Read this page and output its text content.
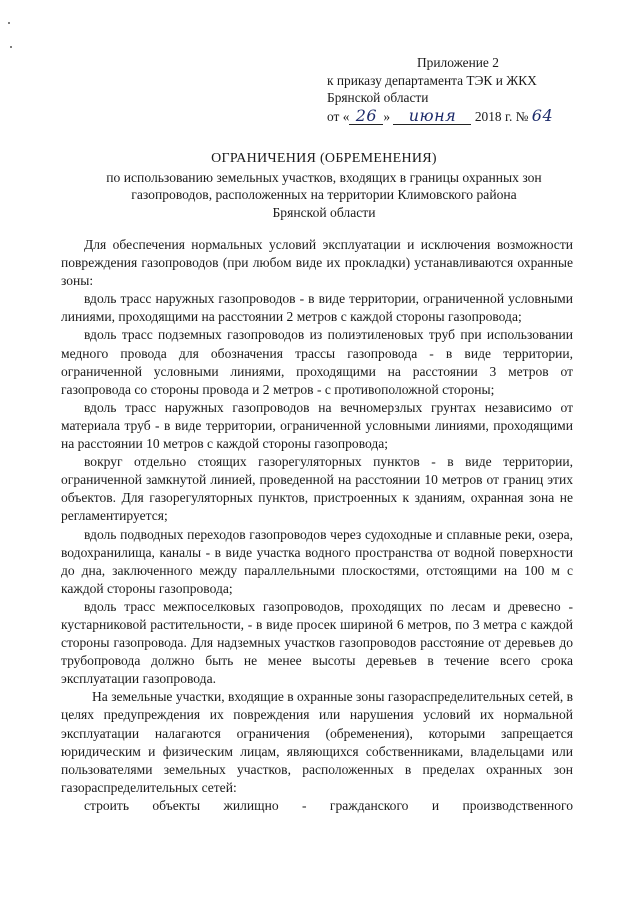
Приложение 2
к приказу департамента ТЭК и ЖКХ
Брянской области
от « 26 » июня 2018 г. № 64
ОГРАНИЧЕНИЯ (ОБРЕМЕНЕНИЯ)
по использованию земельных участков, входящих в границы охранных зон
газопроводов, расположенных на территории Климовского района
Брянской области

Для обеспечения нормальных условий эксплуатации и исключения возможности повреждения газопроводов (при любом виде их прокладки) устанавливаются охранные зоны:

вдоль трасс наружных газопроводов - в виде территории, ограниченной условными линиями, проходящими на расстоянии 2 метров с каждой стороны газопровода;

вдоль трасс подземных газопроводов из полиэтиленовых труб при использовании медного провода для обозначения трассы газопровода - в виде территории, ограниченной условными линиями, проходящими на расстоянии 3 метров от газопровода со стороны провода и 2 метров - с противоположной стороны;

вдоль трасс наружных газопроводов на вечномерзлых грунтах независимо от материала труб - в виде территории, ограниченной условными линиями, проходящими на расстоянии 10 метров с каждой стороны газопровода;

вокруг отдельно стоящих газорегуляторных пунктов - в виде территории, ограниченной замкнутой линией, проведенной на расстоянии 10 метров от границ этих объектов. Для газорегуляторных пунктов, пристроенных к зданиям, охранная зона не регламентируется;

вдоль подводных переходов газопроводов через судоходные и сплавные реки, озера, водохранилища, каналы - в виде участка водного пространства от водной поверхности до дна, заключенного между параллельными плоскостями, отстоящими на 100 м с каждой стороны газопровода;

вдоль трасс межпоселковых газопроводов, проходящих по лесам и древесно - кустарниковой растительности, - в виде просек шириной 6 метров, по 3 метра с каждой стороны газопровода. Для надземных участков газопроводов расстояние от деревьев до трубопровода должно быть не менее высоты деревьев в течение всего срока эксплуатации газопровода.

На земельные участки, входящие в охранные зоны газораспределительных сетей, в целях предупреждения их повреждения или нарушения условий их нормальной эксплуатации налагаются ограничения (обременения), которыми запрещается юридическим и физическим лицам, являющихся собственниками, владельцами или пользователями земельных участков, расположенных в пределах охранных зон газораспределительных сетей:

строить объекты жилищно - гражданского и производственного
